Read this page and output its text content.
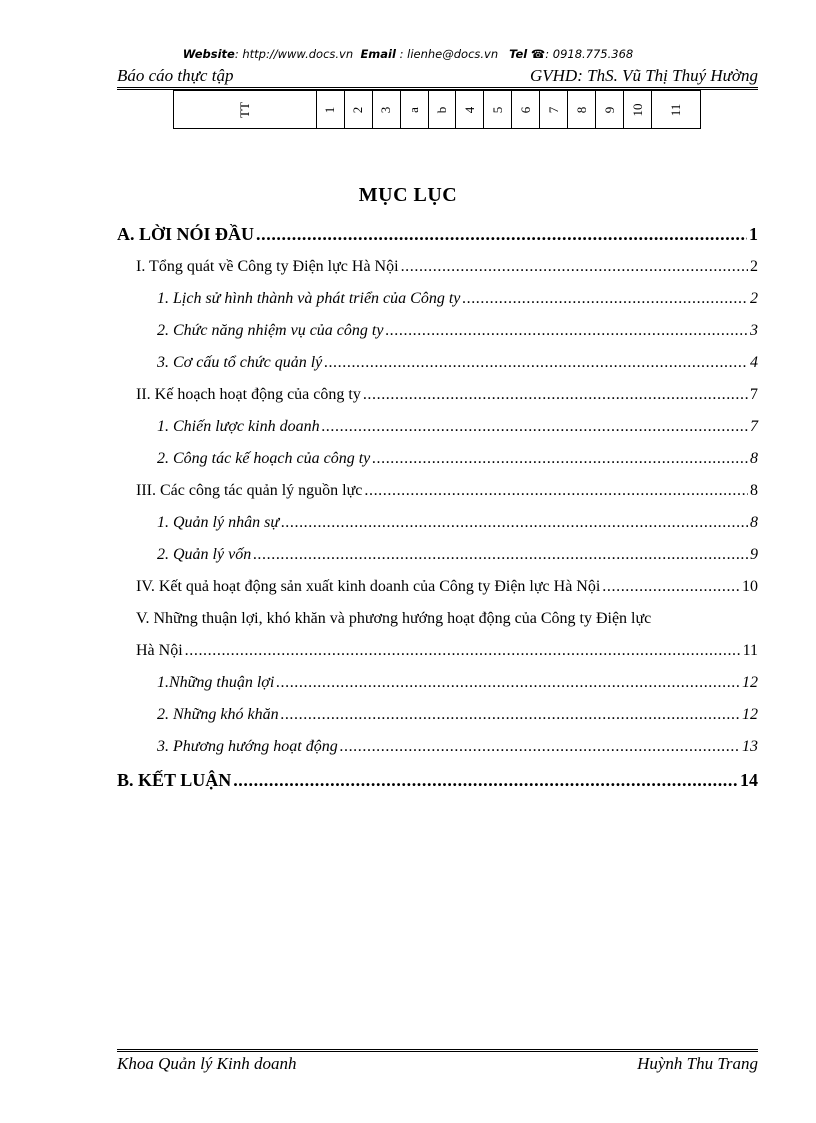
Website: http://www.docs.vn Email : lienhe@docs.vn Tel ☎: 0918.775.368
Báo cáo thực tập	GVHD: ThS. Vũ Thị Thuý Hường
TT	1 2 3 a b 4 5 6 7 8 9 10 11
MỤC LỤC
A. LỜI NÓI ĐẦU .....	1
I. Tổng quát về Công ty Điện lực Hà Nội .....	2
1. Lịch sử hình thành và phát triển của Công ty .....	2
2. Chức năng nhiệm vụ của công ty .....	3
3. Cơ cấu tổ chức quản lý .....	4
II. Kế hoạch hoạt động của công ty .....	7
1. Chiến lược kinh doanh .....	7
2. Công tác kế hoạch của công ty .....	8
III. Các công tác quản lý nguồn lực .....	8
1. Quản lý nhân sự .....	8
2. Quản lý vốn .....	9
IV. Kết quả hoạt động sản xuất kinh doanh của Công ty Điện lực Hà Nội .....	10
V. Những thuận lợi, khó khăn và phương hướng hoạt động của Công ty Điện lực
Hà Nội .....	11
1.Những thuận lợi .....	12
2. Những khó khăn .....	12
3. Phương hướng hoạt động .....	13
B. KẾT LUẬN .....	14
Khoa Quản lý Kinh doanh	Huỳnh Thu Trang
